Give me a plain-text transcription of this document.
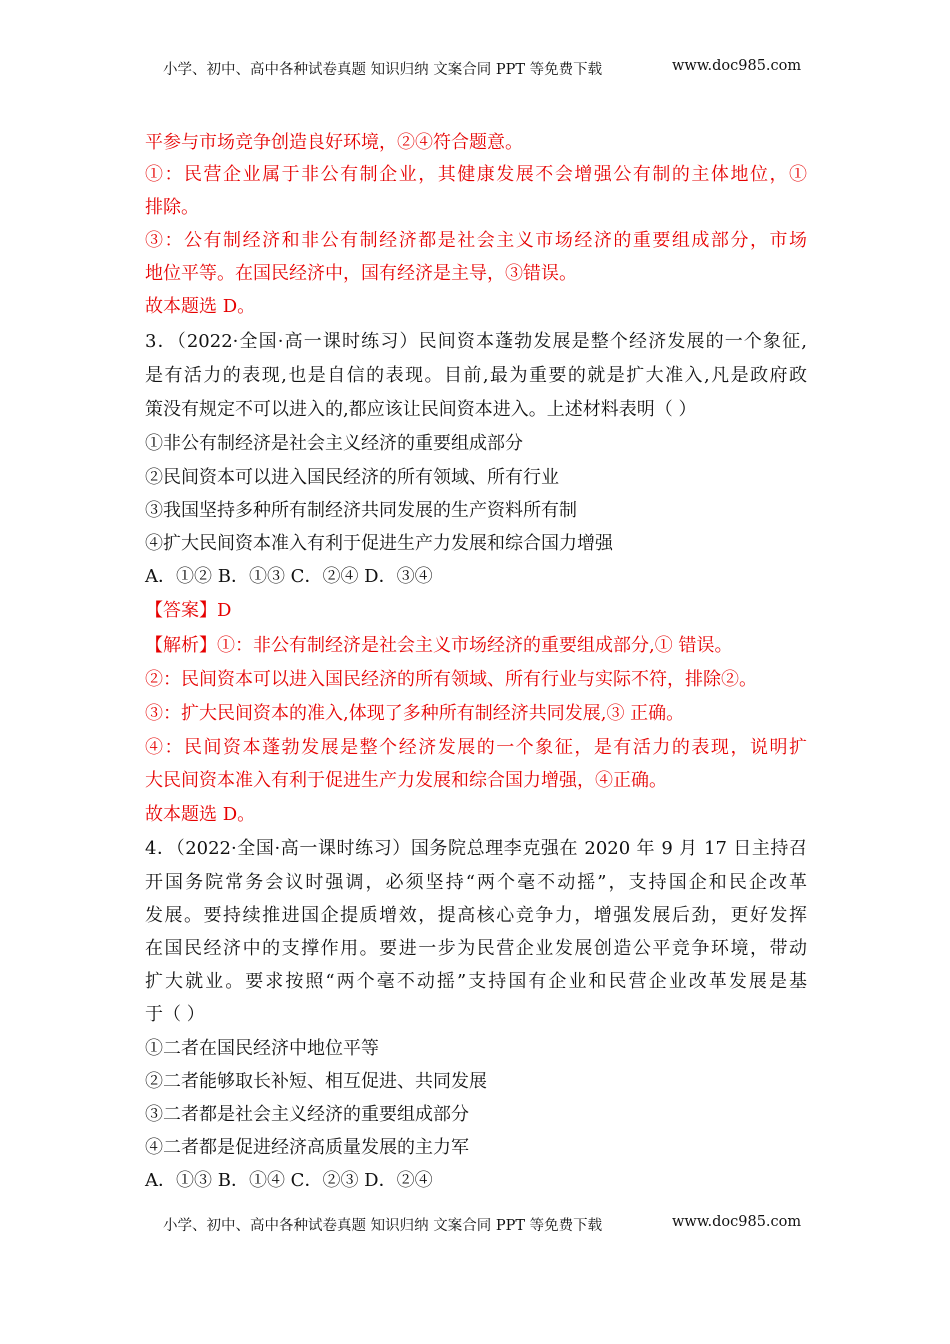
小学、初中、高中各种试卷真题 知识归纳 文案合同 PPT 等免费下载	www.doc985.com
平参与市场竞争创造良好环境，②④符合题意。
①：民营企业属于非公有制企业，其健康发展不会增强公有制的主体地位，①
排除。
③：公有制经济和非公有制经济都是社会主义市场经济的重要组成部分，市场
地位平等。在国民经济中，国有经济是主导，③错误。
故本题选 D。
3．（2022·全国·高一课时练习）民间资本蓬勃发展是整个经济发展的一个象征,
是有活力的表现,也是自信的表现。目前,最为重要的就是扩大准入,凡是政府政
策没有规定不可以进入的,都应该让民间资本进入。上述材料表明（ ）
①非公有制经济是社会主义经济的重要组成部分
②民间资本可以进入国民经济的所有领域、所有行业
③我国坚持多种所有制经济共同发展的生产资料所有制
④扩大民间资本准入有利于促进生产力发展和综合国力增强
A．①② B．①③ C．②④ D．③④
【答案】D
【解析】①：非公有制经济是社会主义市场经济的重要组成部分,① 错误。
②：民间资本可以进入国民经济的所有领域、所有行业与实际不符，排除②。
③：扩大民间资本的准入,体现了多种所有制经济共同发展,③ 正确。
④：民间资本蓬勃发展是整个经济发展的一个象征，是有活力的表现，说明扩
大民间资本准入有利于促进生产力发展和综合国力增强，④正确。
故本题选 D。
4．（2022·全国·高一课时练习）国务院总理李克强在 2020 年 9 月 17 日主持召
开国务院常务会议时强调，必须坚持“两个毫不动摇”，支持国企和民企改革
发展。要持续推进国企提质增效，提高核心竞争力，增强发展后劲，更好发挥
在国民经济中的支撑作用。要进一步为民营企业发展创造公平竞争环境，带动
扩大就业。要求按照“两个毫不动摇”支持国有企业和民营企业改革发展是基
于（ ）
①二者在国民经济中地位平等
②二者能够取长补短、相互促进、共同发展
③二者都是社会主义经济的重要组成部分
④二者都是促进经济高质量发展的主力军
A．①③ B．①④ C．②③ D．②④
小学、初中、高中各种试卷真题 知识归纳 文案合同 PPT 等免费下载	www.doc985.com
